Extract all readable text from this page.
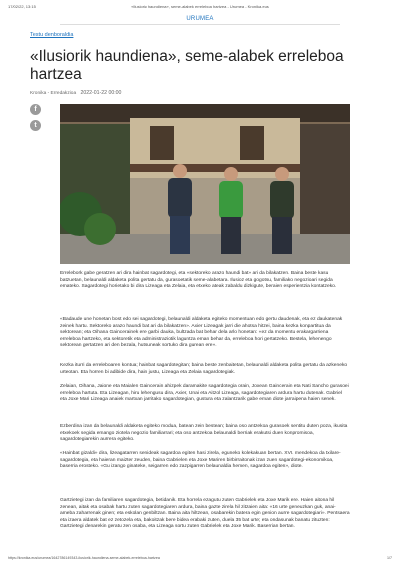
17/02/22, 13:15	«Ilusioriк haundiena», seme-alabek erreleboa hartzea - Urumea - Kronika.eus
URUMEA
Testu denboraldia
«Ilusiorik haundiena», seme-alabek erreleboa hartzea
Kronika - Erredakzioa 2022-01-22 00:00
f
t
Errelebork gabe geratzen ari dira hainbat sagardotegi, eta «sektoreko arazo haundi bat» ari da bilakatzen. Baina beste kasu batzuetan, belaunaldi aldaketa polita gertatu da, gurasoetatik seme-alabetara. Ilusioz eta gogotsu, familiako negozioari segida emateko. Sagardotegi horietako bi dira Lizeaga eta Zelaia, eta etxeko ateak zabaldu dizkigute, beraien esperientzia kontatzeko.
«Badaude une honetan bost edo sei sagardotegi, belaunaldi aldaketa egiteko momentuan edo gertu daudenak, eta ez daukatenak zeinek hartu. Sektoreko arazo haundi bat ari da bilakatzen». Axier Lizeagak jarri die ahotsa hitzei, baina kezka konpartitua da sektorean; eta Oihana Gaincerainek ere garbi dauka, bultzada bat behar dela arlo honetan: «ez da momentu erakargarriena erreleboa hartzeko, eta sektoretik eta administraziotik laguntza eman behar da, erreleboa hori gertatzeko. Bestela, lehenengo sektorean gertatzen ari den bezala, hutsuneak sortuko dira gurean ere».
Kezka iturri da erreleboaren kontua; hainbat sagardotegitan; baina beste zenbaitetan, belaunaldi aldaketa polita gertatu da azkeneko urteotan. Eta horren bi adibide dira, hain justu, Lizeaga eta Zelaia sagardotegiak.
Zelaian, Oihana, Jaione eta Maialen Gaincerain ahizpek daramakite sagardotegia orain, Joxean Gaincerain eta Nati Sancho gurasoei erreleboa hartuta. Eta Lizeagan, hiru lehengusu dira, Axier, Unai eta Aitzol Lizeaga, sagardotegiaren ardura hartu dutenak. Gabriel eta Joxe Mari Lizeaga anaiek martxan jarritako sagardotegian, gustura eta zalantzarik gabe eman diote jarraipena haien senek.
Ezberdina izan da belaunaldi aldaketa egiteko modua, batean zein bestean; baina oso antzekoa gurasoek sentitu duten poza, ikusita etxekoek segida emango ziotela negozio familiarrari; eta oso antzekoa belaunaldi berriak erakutsi duen konpromisoa, sagardotegiarekin aurrera egiteko.
«Hainbat gizaldi» dira, lizeagatarren senideak sagardoa egiten hasi zirela, eguneko kolekakuan bertan. XVI. mendekoa da txilare-sagardotegia, eta haieran maizter zeuden, baina Gabrielen eta Joxe Mariren birbirraitonak izan zuen sagardotegi-ekonomikoa, baserria erosteko. «Gu izango ginateke, seigarren edo zazpigarren belaunaldia hemen, sagardoa egiten», diote.
Gartzietegi izan da familiaren sagardotegia, betidanik. Eta horrela ezagutu zuten Gabrielek eta Joxe Marik ere. Haien aitona hil zenean, aitak eta osabak hartu zuten sagardotegiaren ardura, baina gazte zirela hil zitzaien aita: «16 urte geneuzkan guk, anai-ameba zaharrenak ginen; eta eskolan genbiltzan. Baina aita hiltzean, osabarekin batera egin genion aurre sagardotegiari». Pentsaera eta izaera aldatek bat ez zetozela eta, bakoitzak bere bidea erabaki zuten, duela 35 bat urte; eta ondasunak banatu zituzten: Gartzietegi denarekin geratu zen osaba, eta Lizeaga sortu zuten Gabrielek eta Joxe Marik. Baserrian bertan.
https://kronika.eus/urumea/1642786149343-ilusiorik-haundiena-seme-alabek-erreleboa-hartzea	1/7
